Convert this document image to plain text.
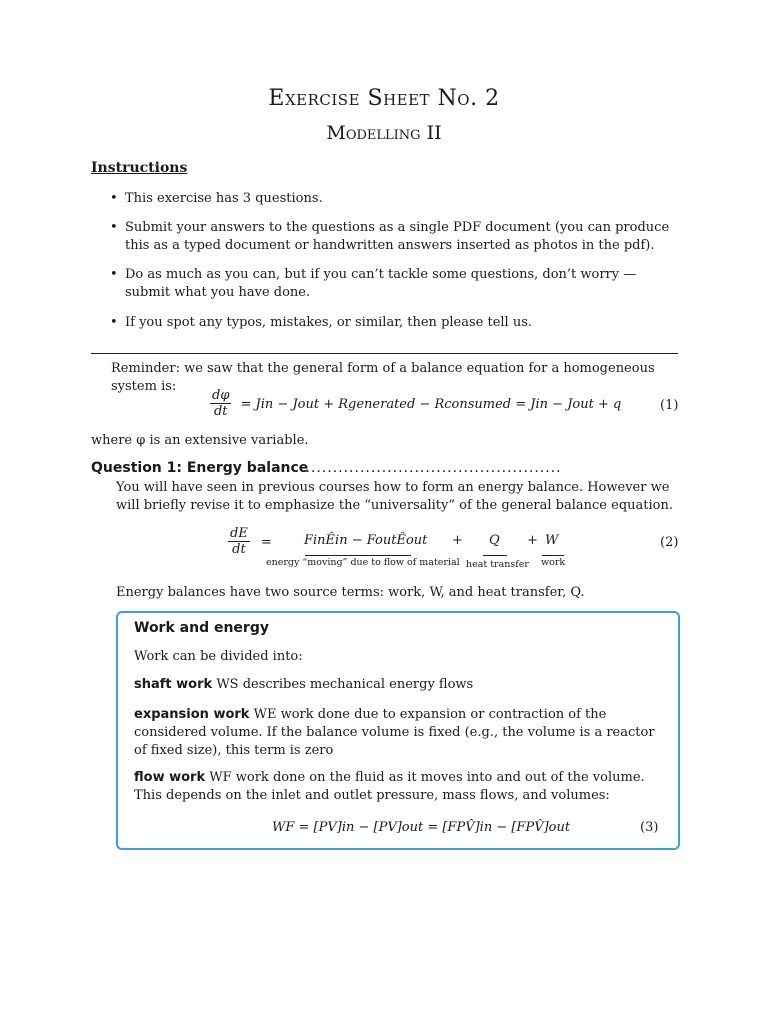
Exercise Sheet No. 2
Modelling II
Instructions
• This exercise has 3 questions.
• Submit your answers to the questions as a single PDF document (you can produce this as a typed document or handwritten answers inserted as photos in the pdf).
• Do as much as you can, but if you can’t tackle some questions, don’t worry — submit what you have done.
• If you spot any typos, mistakes, or similar, then please tell us.
Reminder: we saw that the general form of a balance equation for a homogeneous system is:
$\frac{d\varphi}{dt}$ = Jin − Jout + Rgenerated − Rconsumed = Jin − Jout + q	(1)
where φ is an extensive variable.
Question 1: Energy balance
................................................
You will have seen in previous courses how to form an energy balance. However we will briefly revise it to emphasize the “universality” of the general balance equation.
$\frac{dE}{dt}$ = FinÊin − FoutÊout
energy “moving” due to flow of material
+ Q
heat transfer
+ W
work
(2)
Energy balances have two source terms: work, W, and heat transfer, Q.
Work and energy
Work can be divided into:
shaft work WS describes mechanical energy flows
expansion work WE work done due to expansion or contraction of the considered volume. If the balance volume is fixed (e.g., the volume is a reactor of fixed size), this term is zero
flow work WF work done on the fluid as it moves into and out of the volume. This depends on the inlet and outlet pressure, mass flows, and volumes:
WF = [PV]in − [PV]out = [FPV̂]in − [FPV̂]out	(3)
